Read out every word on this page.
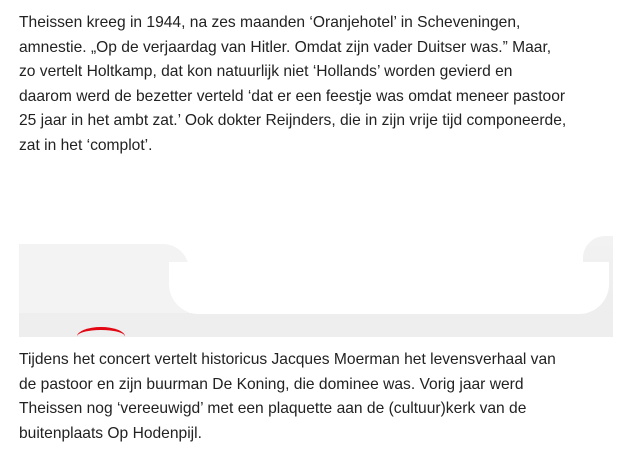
Theissen kreeg in 1944, na zes maanden ‘Oranjehotel’ in Scheveningen,
amnestie. „Op de verjaardag van Hitler. Omdat zijn vader Duitser was.” Maar,
zo vertelt Holtkamp, dat kon natuurlijk niet ‘Hollands’ worden gevierd en
daarom werd de bezetter verteld ‘dat er een feestje was omdat meneer pastoor
25 jaar in het ambt zat.’ Ook dokter Reijnders, die in zijn vrije tijd componeerde,
zat in het ‘complot’.

Tijdens het concert vertelt historicus Jacques Moerman het levensverhaal van
de pastoor en zijn buurman De Koning, die dominee was. Vorig jaar werd
Theissen nog ‘vereeuwigd’ met een plaquette aan de (cultuur)kerk van de
buitenplaats Op Hodenpijl.
